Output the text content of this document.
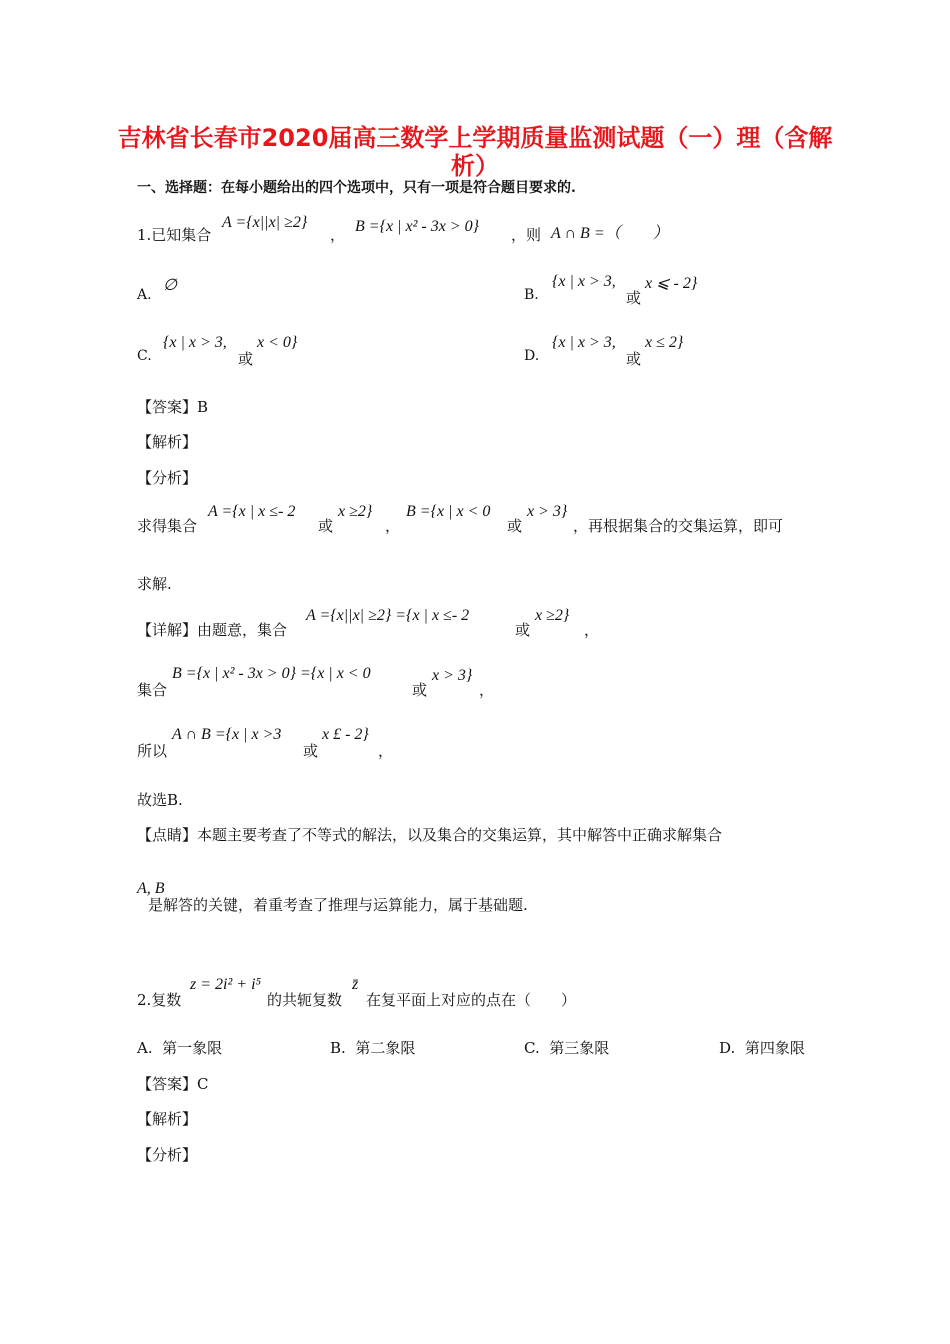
吉林省长春市2020届高三数学上学期质量监测试题（一）理（含解
析）
一、选择题：在每小题给出的四个选项中，只有一项是符合题目要求的.
1.已知集合
A ={x||x| ≥2}
， B ={x | x² - 3x > 0} ，则 A ∩ B =（　　）
A.
∅
B.
{x | x > 3,
或
x ⩽ - 2}
C.
{x | x > 3,
或
x < 0}
D.
{x | x > 3,
或
x ≤ 2}
【答案】B
【解析】
【分析】
求得集合
A ={x | x ≤- 2
或
x ≥2}
，
B ={x | x < 0
或
x > 3}
，再根据集合的交集运算，即可
求解.
【详解】由题意，集合
A ={x||x| ≥2} ={x | x ≤- 2
或
x ≥2}
，
集合
B ={x | x² - 3x > 0} ={x | x < 0
或
x > 3}
，
所以
A ∩ B ={x | x >3
或
x £ - 2}
，
故选B.
【点睛】本题主要考查了不等式的解法，以及集合的交集运算，其中解答中正确求解集合
A, B
是解答的关键，着重考查了推理与运算能力，属于基础题.
2.复数
z = 2i² + i⁵
的共轭复数
z̄
在复平面上对应的点在（　　）
A. 第一象限	B. 第二象限	C. 第三象限	D. 第四象限
【答案】C
【解析】
【分析】
